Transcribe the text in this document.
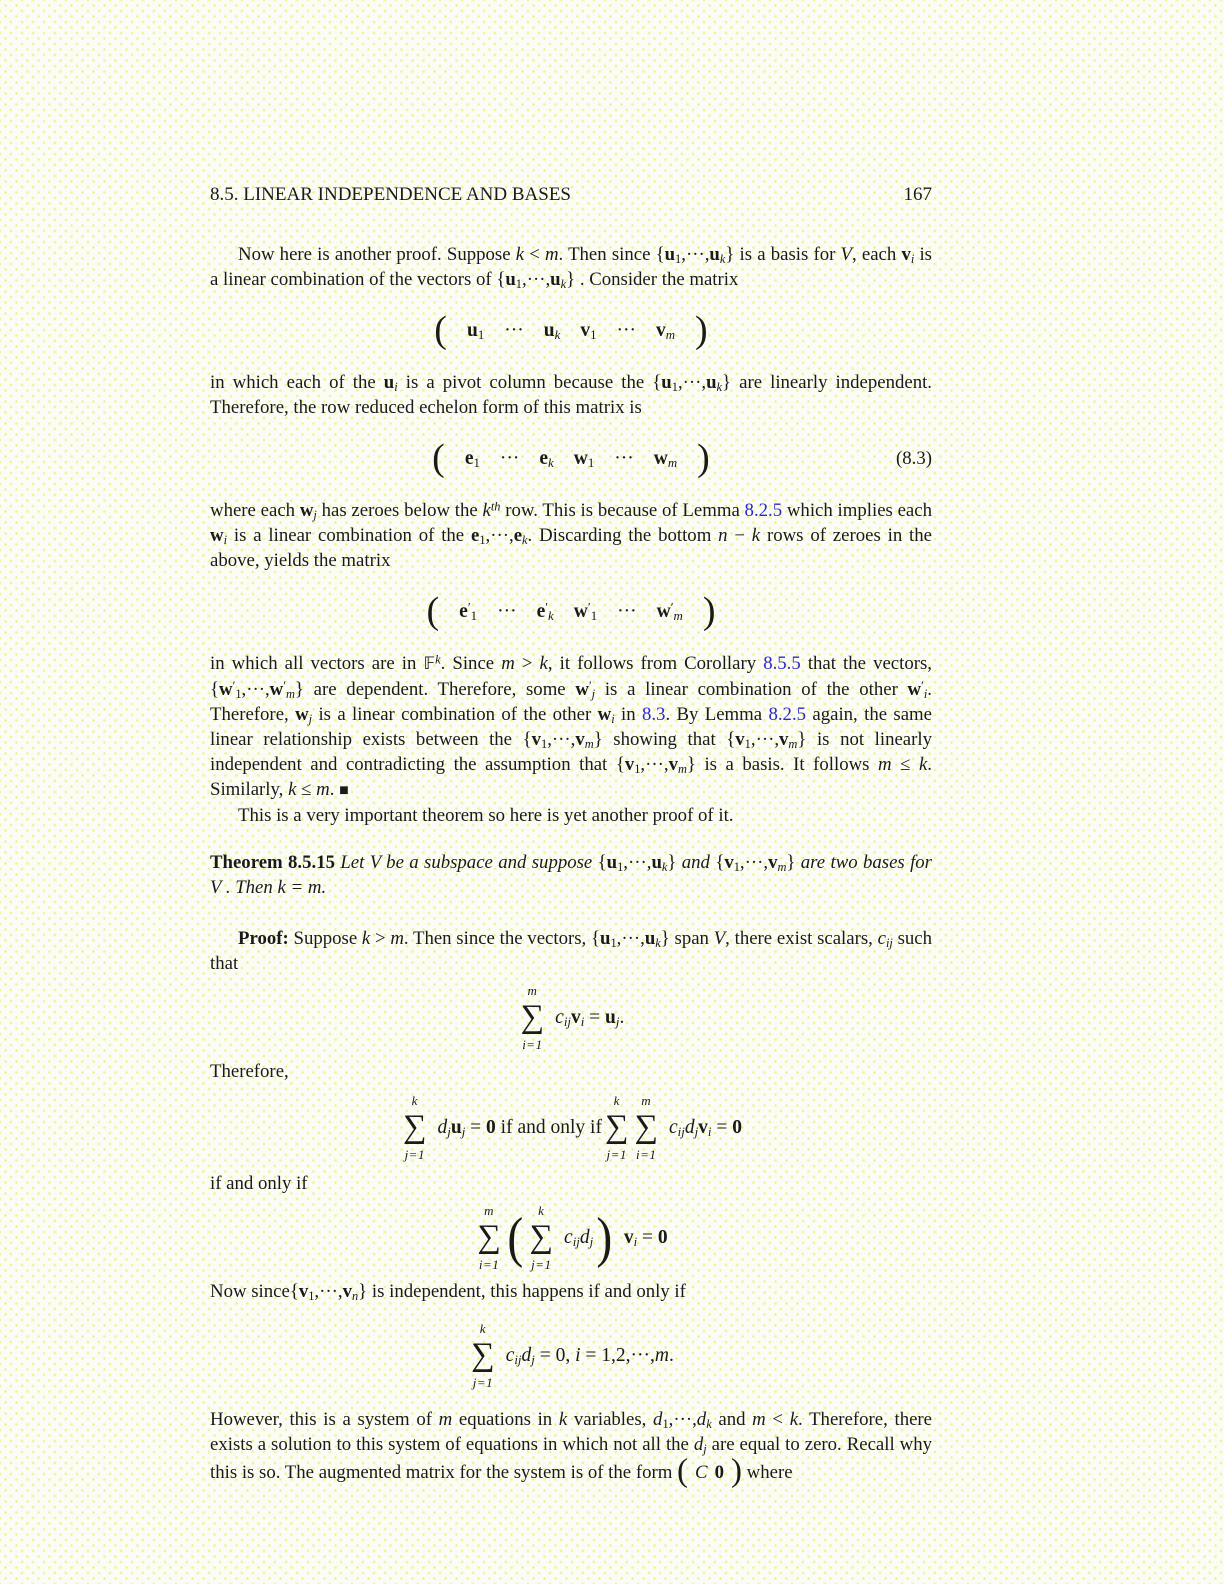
8.5. LINEAR INDEPENDENCE AND BASES	167

Now here is another proof. Suppose k < m. Then since $\{u_1,\cdot\cdot\cdot,u_k\}$ is a basis for V, each $v_i$ is a linear combination of the vectors of $\{u_1,\cdot\cdot\cdot,u_k\}$ . Consider the matrix

( $u_1$ ··· $u_k$ $v_1$ ··· $v_m$ )

in which each of the $u_i$ is a pivot column because the $\{u_1,\cdot\cdot\cdot,u_k\}$ are linearly independent. Therefore, the row reduced echelon form of this matrix is

( $e_1$ ··· $e_k$ $w_1$ ··· $w_m$ )	(8.3)

where each $w_j$ has zeroes below the $k^{th}$ row. This is because of Lemma 8.2.5 which implies each $w_i$ is a linear combination of the $e_1,\cdot\cdot\cdot,e_k$. Discarding the bottom n − k rows of zeroes in the above, yields the matrix

( $e'_1$ ··· $e'_k$ $w'_1$ ··· $w'_m$ )

in which all vectors are in 𝔽$^k$. Since m > k, it follows from Corollary 8.5.5 that the vectors, $\{w'_1,\cdot\cdot\cdot,w'_m\}$ are dependent. Therefore, some $w'_j$ is a linear combination of the other $w'_i$. Therefore, $w_j$ is a linear combination of the other $w_i$ in 8.3. By Lemma 8.2.5 again, the same linear relationship exists between the $\{v_1,\cdot\cdot\cdot,v_m\}$ showing that $\{v_1,\cdot\cdot\cdot,v_m\}$ is not linearly independent and contradicting the assumption that $\{v_1,\cdot\cdot\cdot,v_m\}$ is a basis. It follows m ≤ k. Similarly, k ≤ m. ■

This is a very important theorem so here is yet another proof of it.

Theorem 8.5.15 Let V be a subspace and suppose $\{u_1,\cdot\cdot\cdot,u_k\}$ and $\{v_1,\cdot\cdot\cdot,v_m\}$ are two bases for V . Then k = m.

Proof: Suppose k > m. Then since the vectors, $\{u_1,\cdot\cdot\cdot,u_k\}$ span V, there exist scalars, $c_{ij}$ such that

m
∑
i=1
$c_{ij}v_i = u_j$.

Therefore,

k
∑
j=1
$d_ju_j = 0$ if and only if
k
∑
j=1
m
∑
i=1
$c_{ij}d_jv_i = 0$

if and only if

m
∑
i=1 ( k
∑
j=1
$c_{ij}d_j$ ) $v_i = 0$

Now $since\{v_1,\cdot\cdot\cdot,v_n\}$ is independent, this happens if and only if

k
∑
j=1
$c_{ij}d_j = 0$, i = 1,2,···,m.

However, this is a system of m equations in k variables, $d_1,\cdot\cdot\cdot,d_k$ and m < k. Therefore, there exists a solution to this system of equations in which not all the $d_j$ are equal to zero. Recall why this is so. The augmented matrix for the system is of the form ( C 0 ) where
